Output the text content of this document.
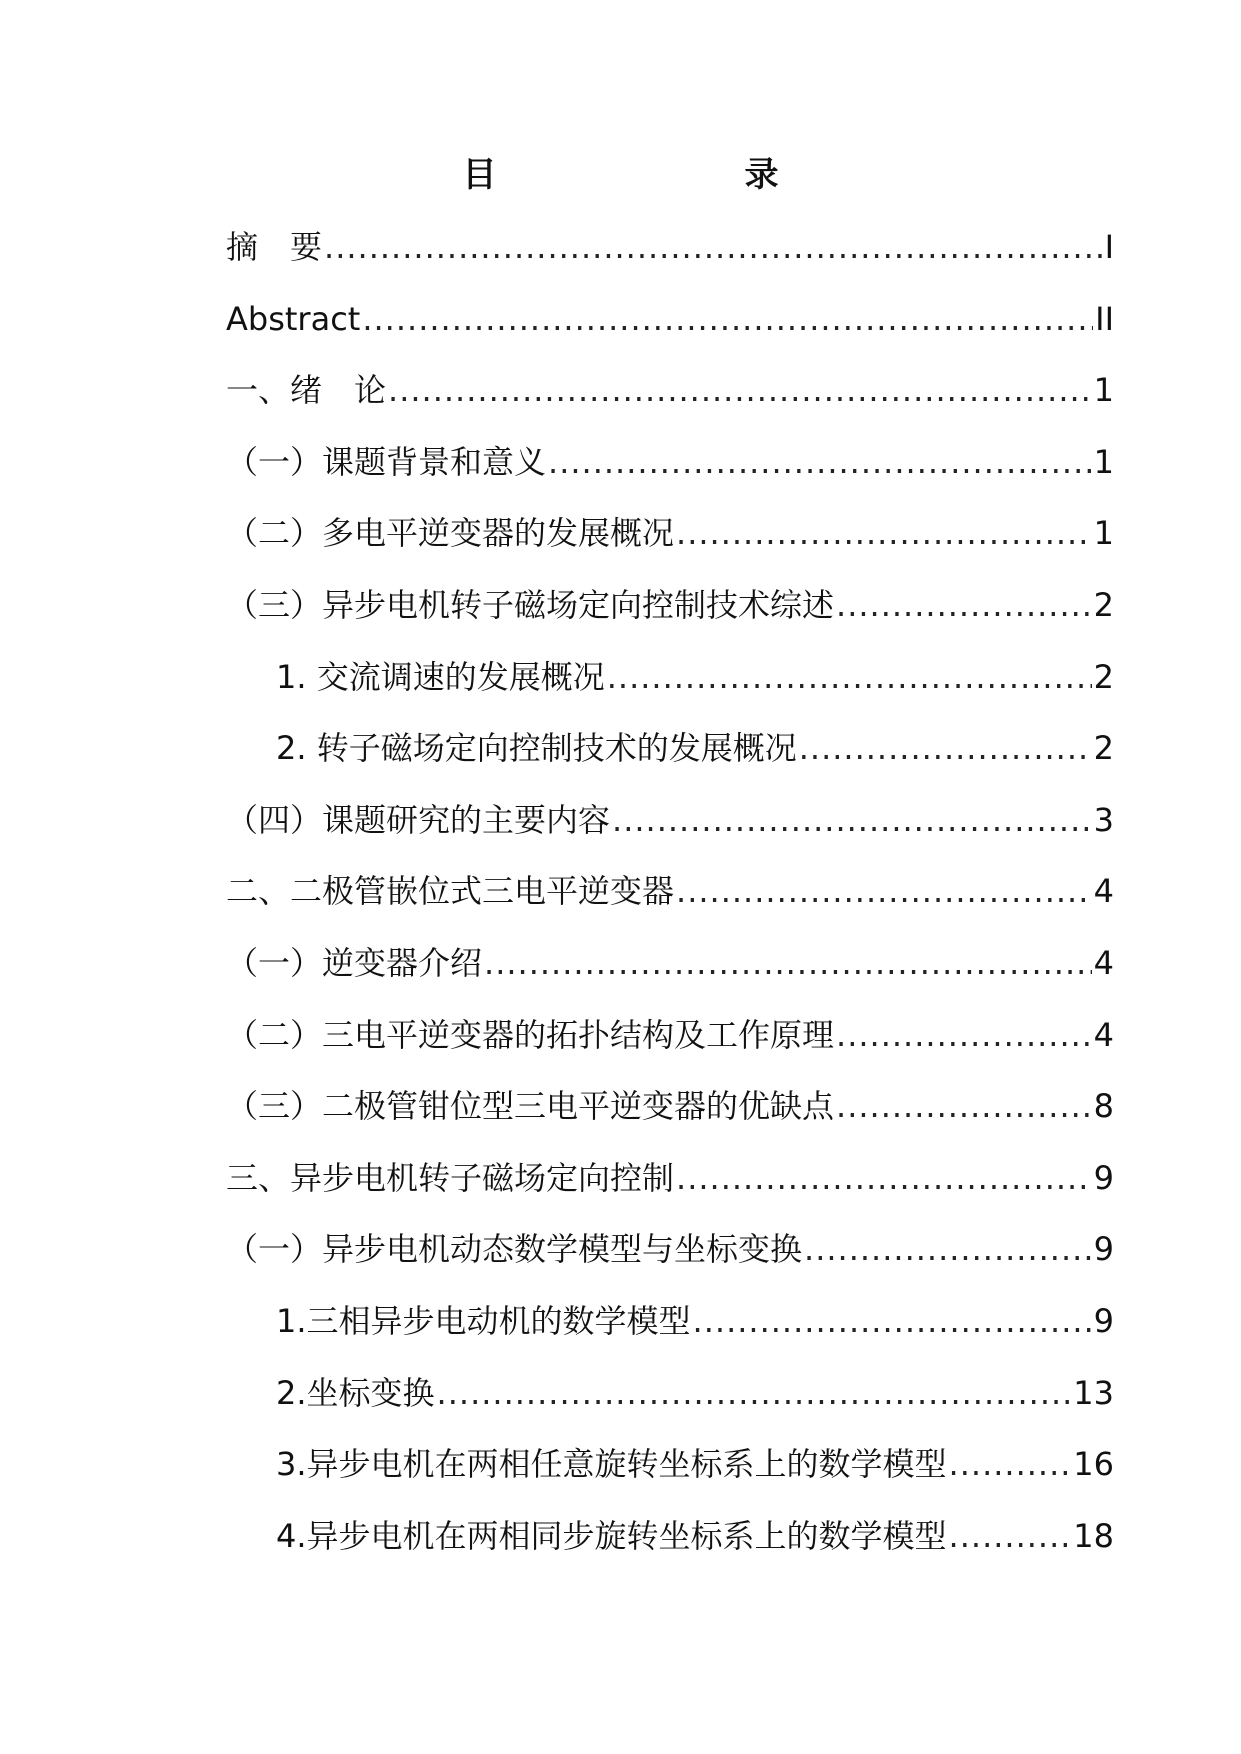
目　　录
摘　要 .....	I
Abstract .....	II
一、绪　论 .....	1
（一）课题背景和意义 .....	1
（二）多电平逆变器的发展概况 .....	1
（三）异步电机转子磁场定向控制技术综述 .....	2
1. 交流调速的发展概况 .....	2
2. 转子磁场定向控制技术的发展概况 .....	2
（四）课题研究的主要内容 .....	3
二、二极管嵌位式三电平逆变器 .....	4
（一）逆变器介绍 .....	4
（二）三电平逆变器的拓扑结构及工作原理 .....	4
（三）二极管钳位型三电平逆变器的优缺点 .....	8
三、异步电机转子磁场定向控制 .....	9
（一）异步电机动态数学模型与坐标变换 .....	9
1.三相异步电动机的数学模型 .....	9
2.坐标变换 .....	13
3.异步电机在两相任意旋转坐标系上的数学模型 .....	16
4.异步电机在两相同步旋转坐标系上的数学模型 .....	18
